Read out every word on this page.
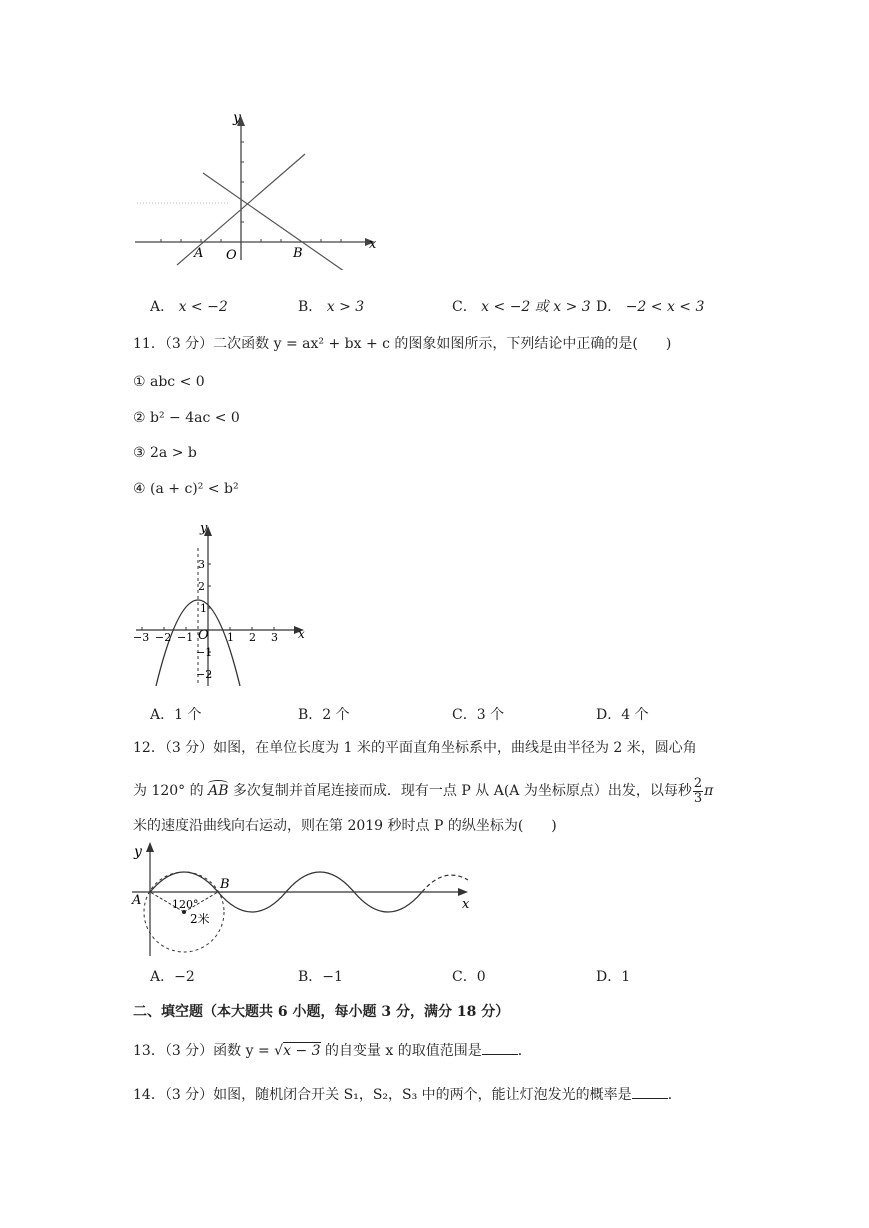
y
x
O
A	B
A． x < −2	B． x > 3	C． x < −2 或 x > 3 D． −2 < x < 3
11．（3 分）二次函数 y = ax² + bx + c 的图象如图所示，下列结论中正确的是(　　)
① abc < 0
② b² − 4ac < 0
③ 2a > b
④ (a + c)² < b²
y
x
O
−3 −2 −1	1 2 3
3
2
1
−1
−2
A．1 个	B．2 个	C．3 个	D．4 个
12．（3 分）如图，在单位长度为 1 米的平面直角坐标系中，曲线是由半径为 2 米，圆心角
为 120° 的
AB 多次复制并首尾连接而成．现有一点 P 从 A(A 为坐标原点）出发，以每秒 $\frac{2}{3}$ π
米的速度沿曲线向右运动，则在第 2019 秒时点 P 的纵坐标为(　　)
y
x
A
B
120°
2米
A．−2	B．−1	C．0	D．1
二、填空题（本大题共 6 小题，每小题 3 分，满分 18 分）
13．（3 分）函数 y = √x − 3 的自变量 x 的取值范围是	．
14．（3 分）如图，随机闭合开关 S₁，S₂，S₃ 中的两个，能让灯泡发光的概率是	．
